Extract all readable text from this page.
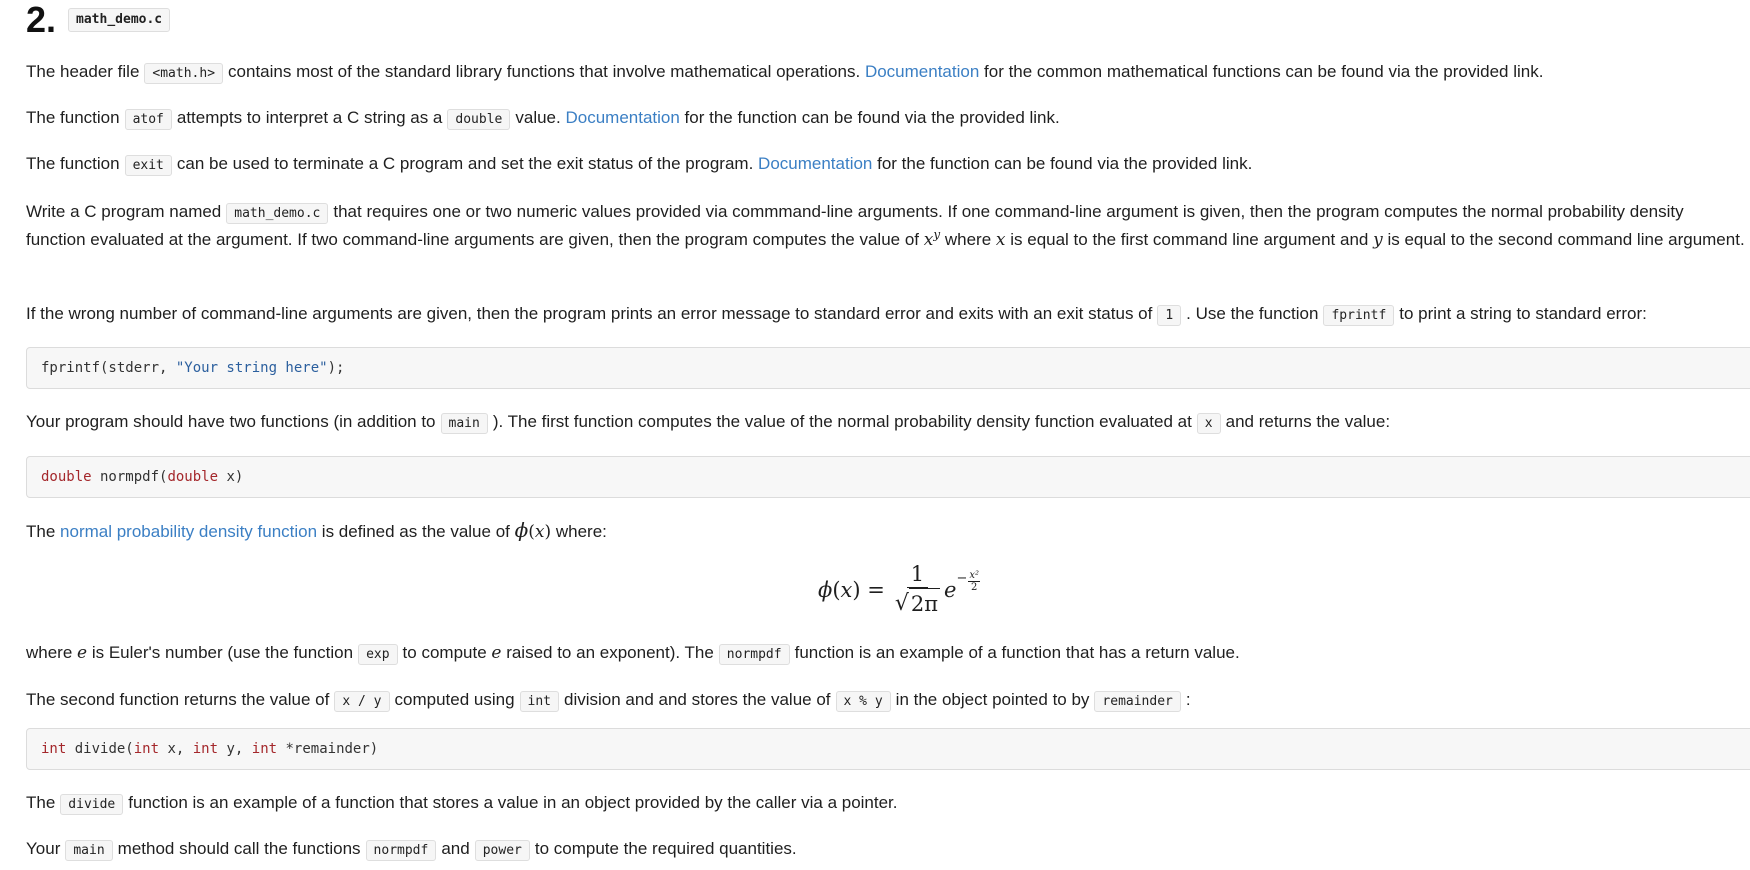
2.	math_demo.c

The header file <math.h> contains most of the standard library functions that involve mathematical operations. Documentation for the common mathematical functions can be found via the provided link.

The function atof attempts to interpret a C string as a double value. Documentation for the function can be found via the provided link.

The function exit can be used to terminate a C program and set the exit status of the program. Documentation for the function can be found via the provided link.

Write a C program named math_demo.c that requires one or two numeric values provided via commmand-line arguments. If one command-line argument is given, then the program computes the normal probability density function evaluated at the argument. If two command-line arguments are given, then the program computes the value of $x^y$ where x is equal to the first command line argument and y is equal to the second command line argument.

If the wrong number of command-line arguments are given, then the program prints an error message to standard error and exits with an exit status of 1 . Use the function fprintf to print a string to standard error:

fprintf(stderr, "Your string here" );

Your program should have two functions (in addition to main ). The first function computes the value of the normal probability density function evaluated at x and returns the value:

double normpdf( double x)

The normal probability density function is defined as the value of ϕ(x) where:

ϕ ( x ) = $\frac{1}{√ 2\pi}$ $e - \frac{\text{x²}}{2}$

where e is Euler's number (use the function exp to compute e raised to an exponent). The normpdf function is an example of a function that has a return value.

The second function returns the value of x / y computed using int division and and stores the value of x % y in the object pointed to by remainder :

int divide( int x, int y, int *remainder)

The divide function is an example of a function that stores a value in an object provided by the caller via a pointer.

Your main method should call the functions normpdf and power to compute the required quantities.
